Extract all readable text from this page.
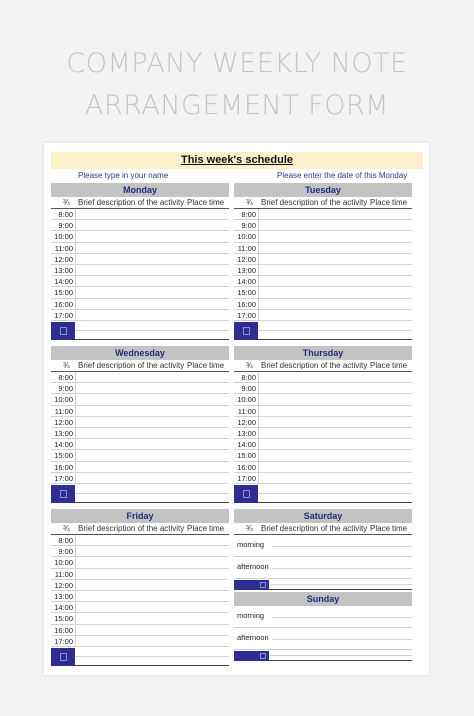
COMPANY WEEKLY NOTE
ARRANGEMENT FORM
This week's schedule
Please type in your name	Please enter the date of this Monday
Monday
¾ Brief description of the activity Place time
8:00
9:00
10:00
11:00
12:00
13:00
14:00
15:00
16:00
17:00
Tuesday
¾ Brief description of the activity Place time
8:00
9:00
10:00
11:00
12:00
13:00
14:00
15:00
16:00
17:00
Wednesday
¾ Brief description of the activity Place time
8:00
9:00
10:00
11:00
12:00
13:00
14:00
15:00
16:00
17:00
Thursday
¾ Brief description of the activity Place time
8:00
9:00
10:00
11:00
12:00
13:00
14:00
15:00
16:00
17:00
Friday
¾ Brief description of the activity Place time
8:00
9:00
10:00
11:00
12:00
13:00
14:00
15:00
16:00
17:00
Saturday
¾ Brief description of the activity Place time
morning
afternoon
Sunday
morning
afternoon
